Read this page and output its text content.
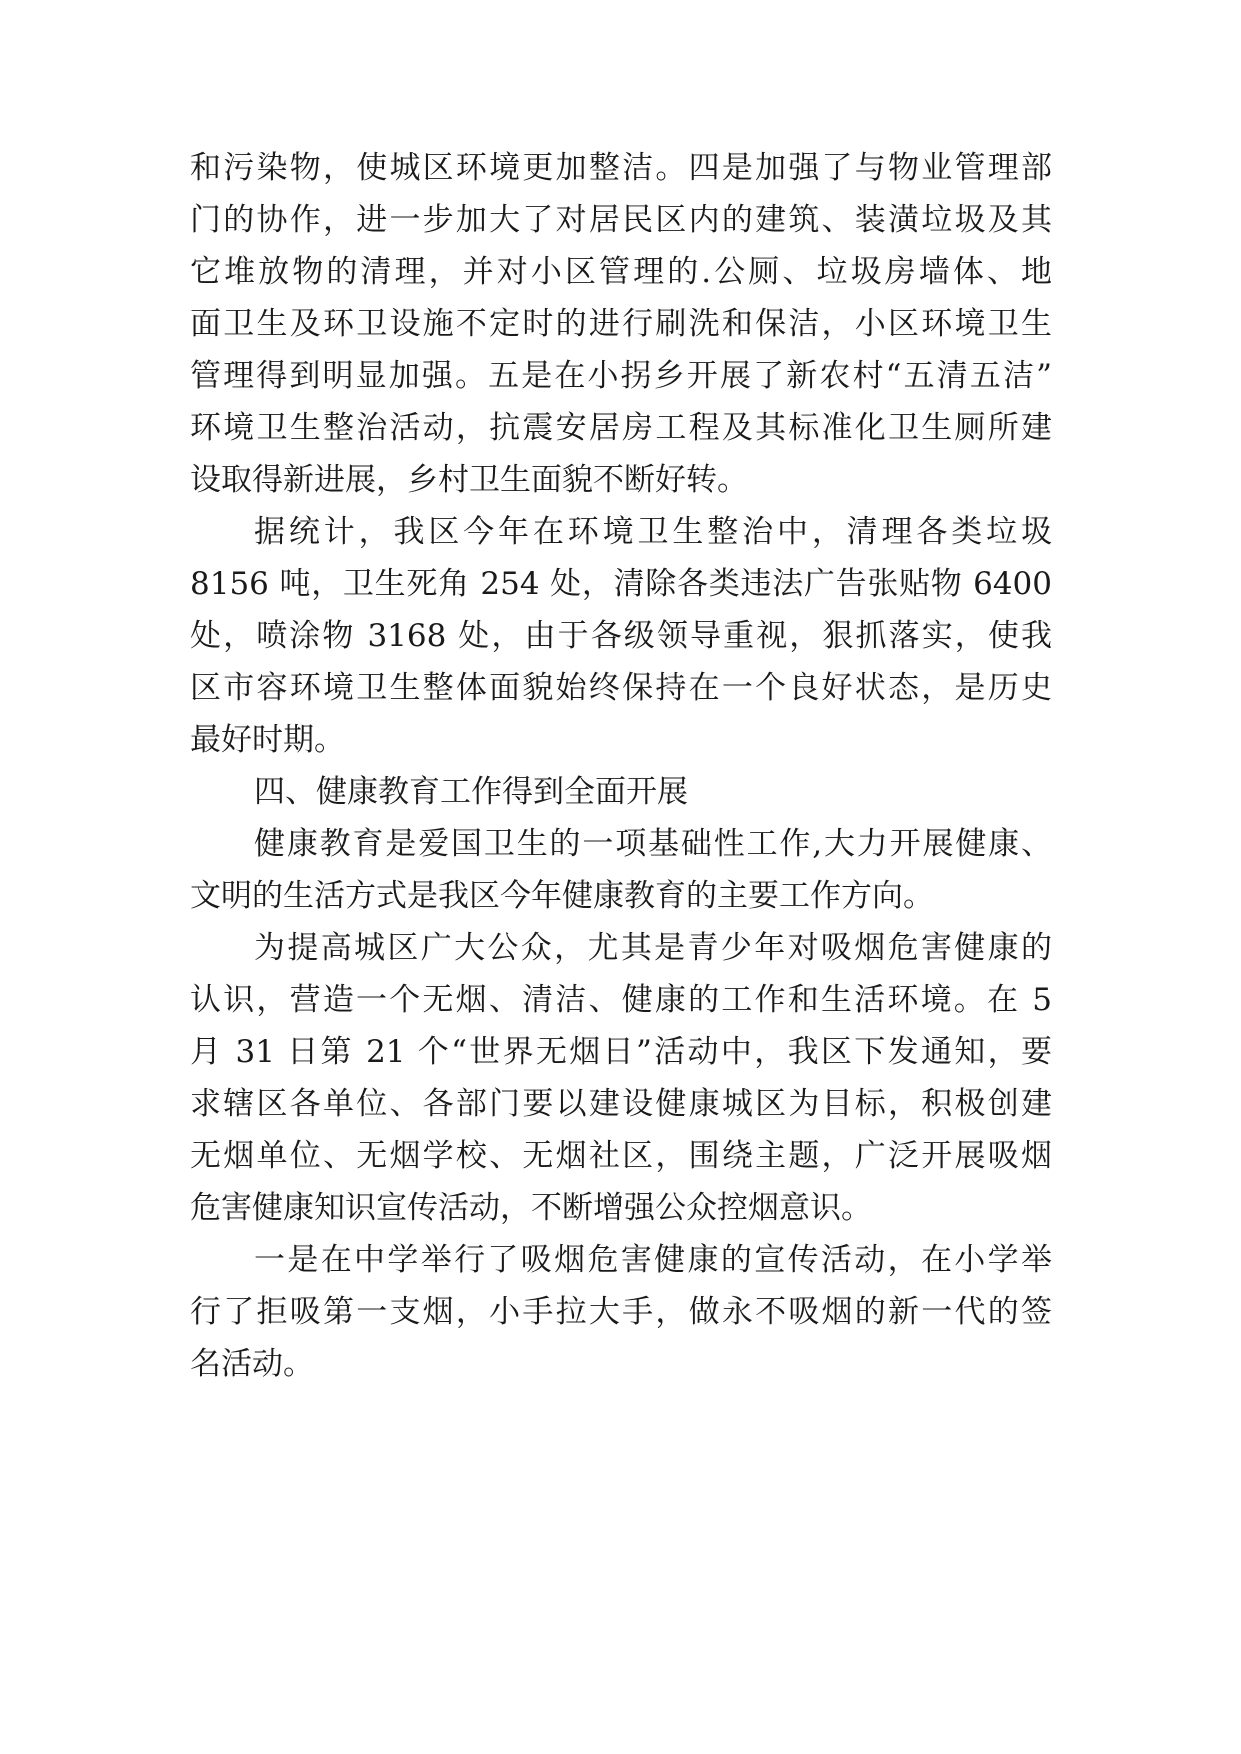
和污染物，使城区环境更加整洁。四是加强了与物业管理部
门的协作，进一步加大了对居民区内的建筑、装潢垃圾及其
它堆放物的清理，并对小区管理的.公厕、垃圾房墙体、地
面卫生及环卫设施不定时的进行刷洗和保洁，小区环境卫生
管理得到明显加强。五是在小拐乡开展了新农村“五清五洁”
环境卫生整治活动，抗震安居房工程及其标准化卫生厕所建
设取得新进展，乡村卫生面貌不断好转。
据统计，我区今年在环境卫生整治中，清理各类垃圾
8156 吨，卫生死角 254 处，清除各类违法广告张贴物 6400
处，喷涂物 3168 处，由于各级领导重视，狠抓落实，使我
区市容环境卫生整体面貌始终保持在一个良好状态，是历史
最好时期。
四、健康教育工作得到全面开展
健康教育是爱国卫生的一项基础性工作,大力开展健康、
文明的生活方式是我区今年健康教育的主要工作方向。
为提高城区广大公众，尤其是青少年对吸烟危害健康的
认识，营造一个无烟、清洁、健康的工作和生活环境。在 5
月 31 日第 21 个“世界无烟日”活动中，我区下发通知，要
求辖区各单位、各部门要以建设健康城区为目标，积极创建
无烟单位、无烟学校、无烟社区，围绕主题，广泛开展吸烟
危害健康知识宣传活动，不断增强公众控烟意识。
一是在中学举行了吸烟危害健康的宣传活动，在小学举
行了拒吸第一支烟，小手拉大手，做永不吸烟的新一代的签
名活动。
